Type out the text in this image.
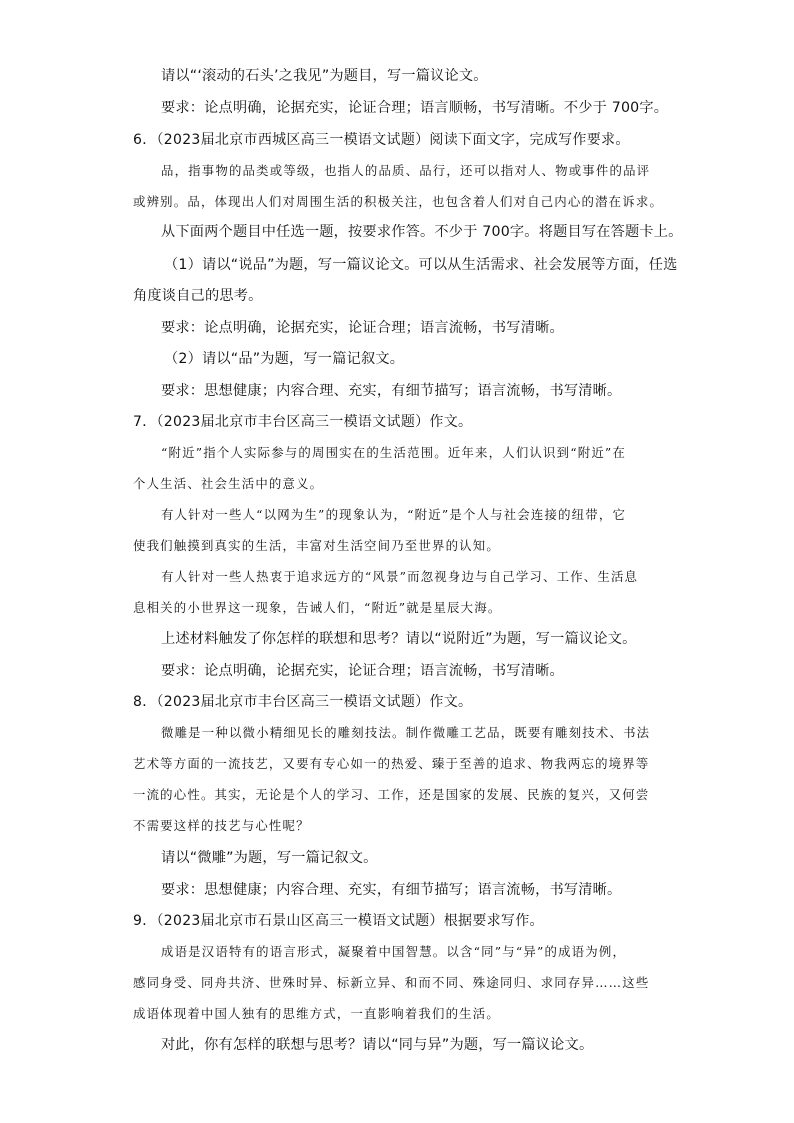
请以“‘滚动的石头’之我见”为题目，写一篇议论文。
要求：论点明确，论据充实，论证合理；语言顺畅，书写清晰。不少于 700字。
6．（2023届北京市西城区高三一模语文试题）阅读下面文字，完成写作要求。
品，指事物的品类或等级，也指人的品质、品行，还可以指对人、物或事件的品评
或辨别。品，体现出人们对周围生活的积极关注，也包含着人们对自己内心的潜在诉求。
从下面两个题目中任选一题，按要求作答。不少于 700字。将题目写在答题卡上。
（1）请以“说品”为题，写一篇议论文。可以从生活需求、社会发展等方面，任选
角度谈自己的思考。
要求：论点明确，论据充实，论证合理；语言流畅，书写清晰。
（2）请以“品”为题，写一篇记叙文。
要求：思想健康；内容合理、充实，有细节描写；语言流畅，书写清晰。
7．（2023届北京市丰台区高三一模语文试题）作文。
“附近”指个人实际参与的周围实在的生活范围。近年来，人们认识到“附近”在
个人生活、社会生活中的意义。
有人针对一些人“以网为生”的现象认为，“附近”是个人与社会连接的纽带，它
使我们触摸到真实的生活，丰富对生活空间乃至世界的认知。
有人针对一些人热衷于追求远方的“风景”而忽视身边与自己学习、工作、生活息
息相关的小世界这一现象，告诫人们，“附近”就是星辰大海。
上述材料触发了你怎样的联想和思考？请以“说附近”为题，写一篇议论文。
要求：论点明确，论据充实，论证合理；语言流畅，书写清晰。
8．（2023届北京市丰台区高三一模语文试题）作文。
微雕是一种以微小精细见长的雕刻技法。制作微雕工艺品，既要有雕刻技术、书法
艺术等方面的一流技艺，又要有专心如一的热爱、臻于至善的追求、物我两忘的境界等
一流的心性。其实，无论是个人的学习、工作，还是国家的发展、民族的复兴，又何尝
不需要这样的技艺与心性呢？
请以“微雕”为题，写一篇记叙文。
要求：思想健康；内容合理、充实，有细节描写；语言流畅，书写清晰。
9．（2023届北京市石景山区高三一模语文试题）根据要求写作。
成语是汉语特有的语言形式，凝聚着中国智慧。以含“同”与“异”的成语为例，
感同身受、同舟共济、世殊时异、标新立异、和而不同、殊途同归、求同存异……这些
成语体现着中国人独有的思维方式，一直影响着我们的生活。
对此，你有怎样的联想与思考？请以“同与异”为题，写一篇议论文。
